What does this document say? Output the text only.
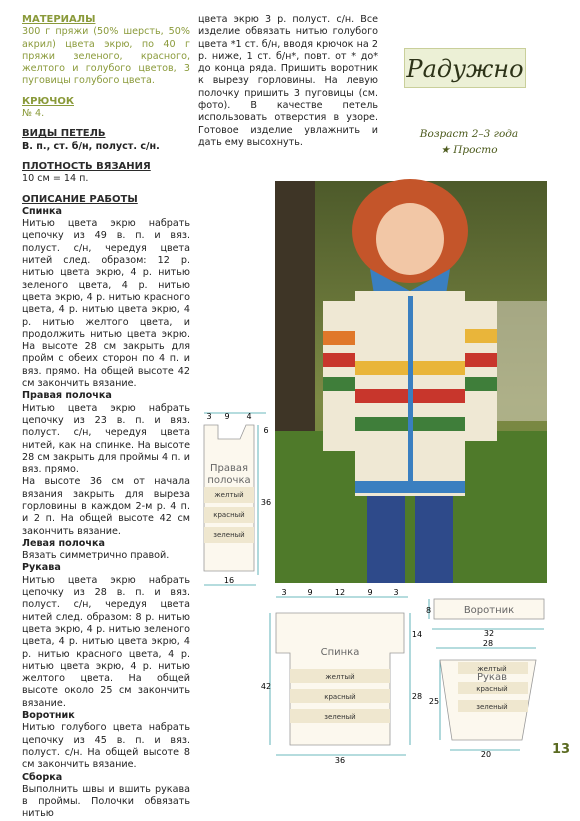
МАТЕРИАЛЫ

300 г пряжи (50% шерсть, 50% акрил) цвета экрю, по 40 г пряжи зеленого, красного, желтого и голубого цветов, 3 пуговицы голубого цвета.

КРЮЧОК

№ 4.

ВИДЫ ПЕТЕЛЬ

В. п., ст. б/н, полуст. с/н.

ПЛОТНОСТЬ ВЯЗАНИЯ

10 см = 14 п.

ОПИСАНИЕ РАБОТЫ

Спинка

Нитью цвета экрю набрать цепочку из 49 в. п. и вяз. полуст. с/н, чередуя цвета нитей след. образом: 12 р. нитью цвета экрю, 4 р. нитью зеленого цвета, 4 р. нитью цвета экрю, 4 р. нитью красного цвета, 4 р. нитью цвета экрю, 4 р. нитью желтого цвета, и продолжить нитью цвета экрю. На высоте 28 см закрыть для пройм с обеих сторон по 4 п. и вяз. прямо. На общей высоте 42 см закончить вязание.

Правая полочка

Нитью цвета экрю набрать цепочку из 23 в. п. и вяз. полуст. с/н, чередуя цвета нитей, как на спинке. На высоте 28 см закрыть для проймы 4 п. и вяз. прямо.

На высоте 36 см от начала вязания закрыть для выреза горловины в каждом 2-м р. 4 п. и 2 п. На общей высоте 42 см закончить вязание.

Левая полочка

Вязать симметрично правой.

Рукава

Нитью цвета экрю набрать цепочку из 28 в. п. и вяз. полуст. с/н, чередуя цвета нитей след. образом: 8 р. нитью цвета экрю, 4 р. нитью зеленого цвета, 4 р. нитью цвета экрю, 4 р. нитью красного цвета, 4 р. нитью цвета экрю, 4 р. нитью желтого цвета. На общей высоте около 25 см закончить вязание.

Воротник

Нитью голубого цвета набрать цепочку из 45 в. п. и вяз. полуст. с/н. На общей высоте 8 см закончить вязание.

Сборка

Выполнить швы и вшить рукава в проймы. Полочки обвязать нитью

цвета экрю 3 р. полуст. с/н. Все изделие обвязать нитью голубого цвета *1 ст. б/н, вводя крючок на 2 р. ниже, 1 ст. б/н*, повт. от * до* до конца ряда. Пришить воротник к вырезу горловины. На левую полочку пришить 3 пуговицы (см. фото). В качестве петель использовать отверстия в узоре. Готовое изделие увлажнить и дать ему высохнуть.

Радужно
Возраст 2–3 года
★ Просто
Правая
полочка
желтый
красный
зеленый
3 9 4
6
36
16
Спинка
желтый
красный
зеленый
3	9	12	9	3
42
14
28
36
Воротник
8
32
желтый
Рукав
красный
зеленый
28
25
20	13
